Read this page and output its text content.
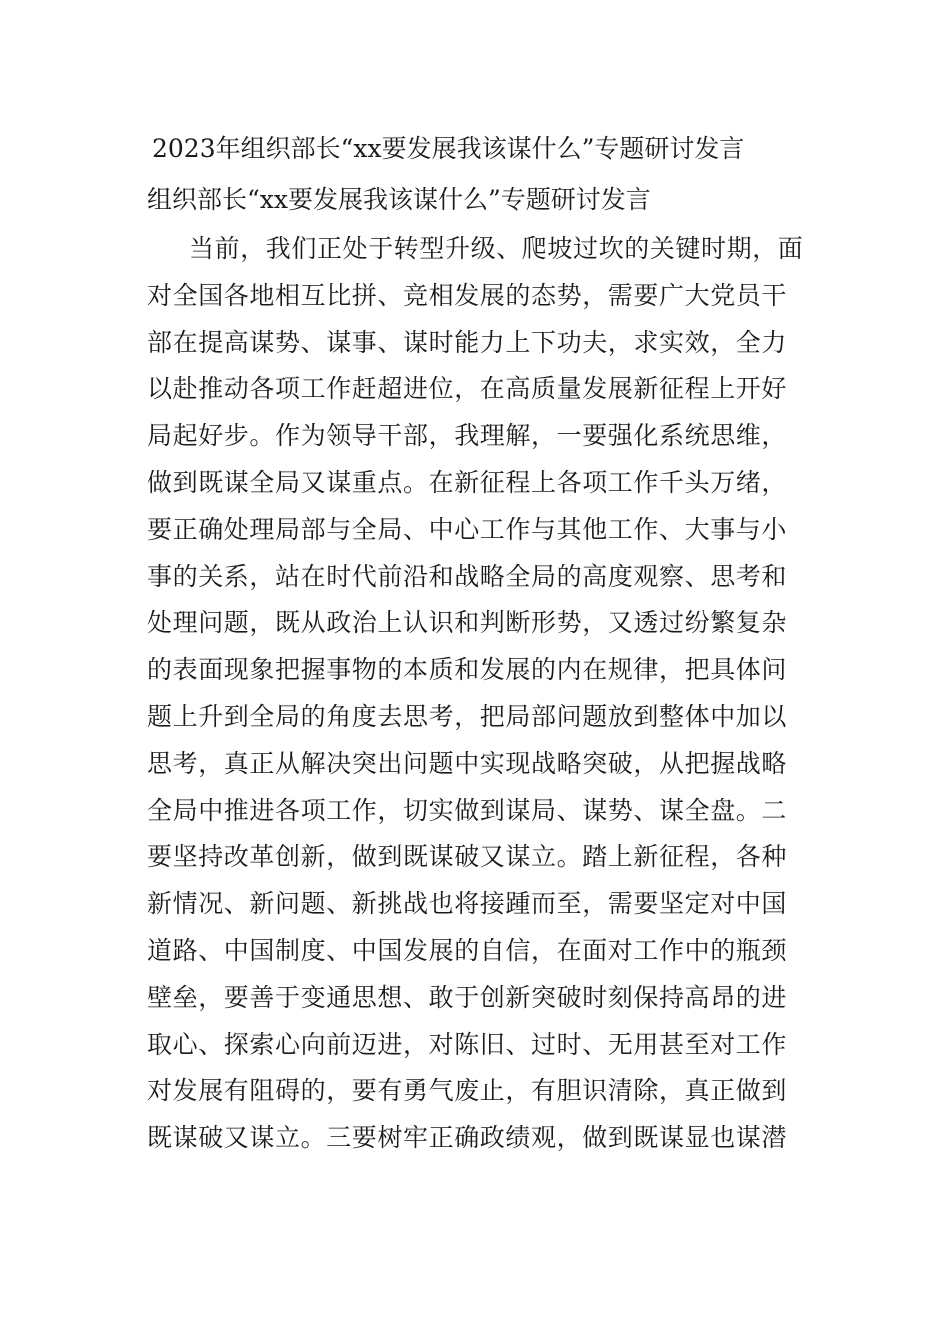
2023年组织部长“xx要发展我该谋什么”专题研讨发言
组织部长“xx要发展我该谋什么”专题研讨发言
当前，我们正处于转型升级、爬坡过坎的关键时期，面
对全国各地相互比拼、竞相发展的态势，需要广大党员干
部在提高谋势、谋事、谋时能力上下功夫，求实效，全力
以赴推动各项工作赶超进位，在高质量发展新征程上开好
局起好步。作为领导干部，我理解，一要强化系统思维，
做到既谋全局又谋重点。在新征程上各项工作千头万绪，
要正确处理局部与全局、中心工作与其他工作、大事与小
事的关系，站在时代前沿和战略全局的高度观察、思考和
处理问题，既从政治上认识和判断形势，又透过纷繁复杂
的表面现象把握事物的本质和发展的内在规律，把具体问
题上升到全局的角度去思考，把局部问题放到整体中加以
思考，真正从解决突出问题中实现战略突破，从把握战略
全局中推进各项工作，切实做到谋局、谋势、谋全盘。二
要坚持改革创新，做到既谋破又谋立。踏上新征程，各种
新情况、新问题、新挑战也将接踵而至，需要坚定对中国
道路、中国制度、中国发展的自信，在面对工作中的瓶颈
壁垒，要善于变通思想、敢于创新突破时刻保持高昂的进
取心、探索心向前迈进，对陈旧、过时、无用甚至对工作
对发展有阻碍的，要有勇气废止，有胆识清除，真正做到
既谋破又谋立。三要树牢正确政绩观，做到既谋显也谋潜
